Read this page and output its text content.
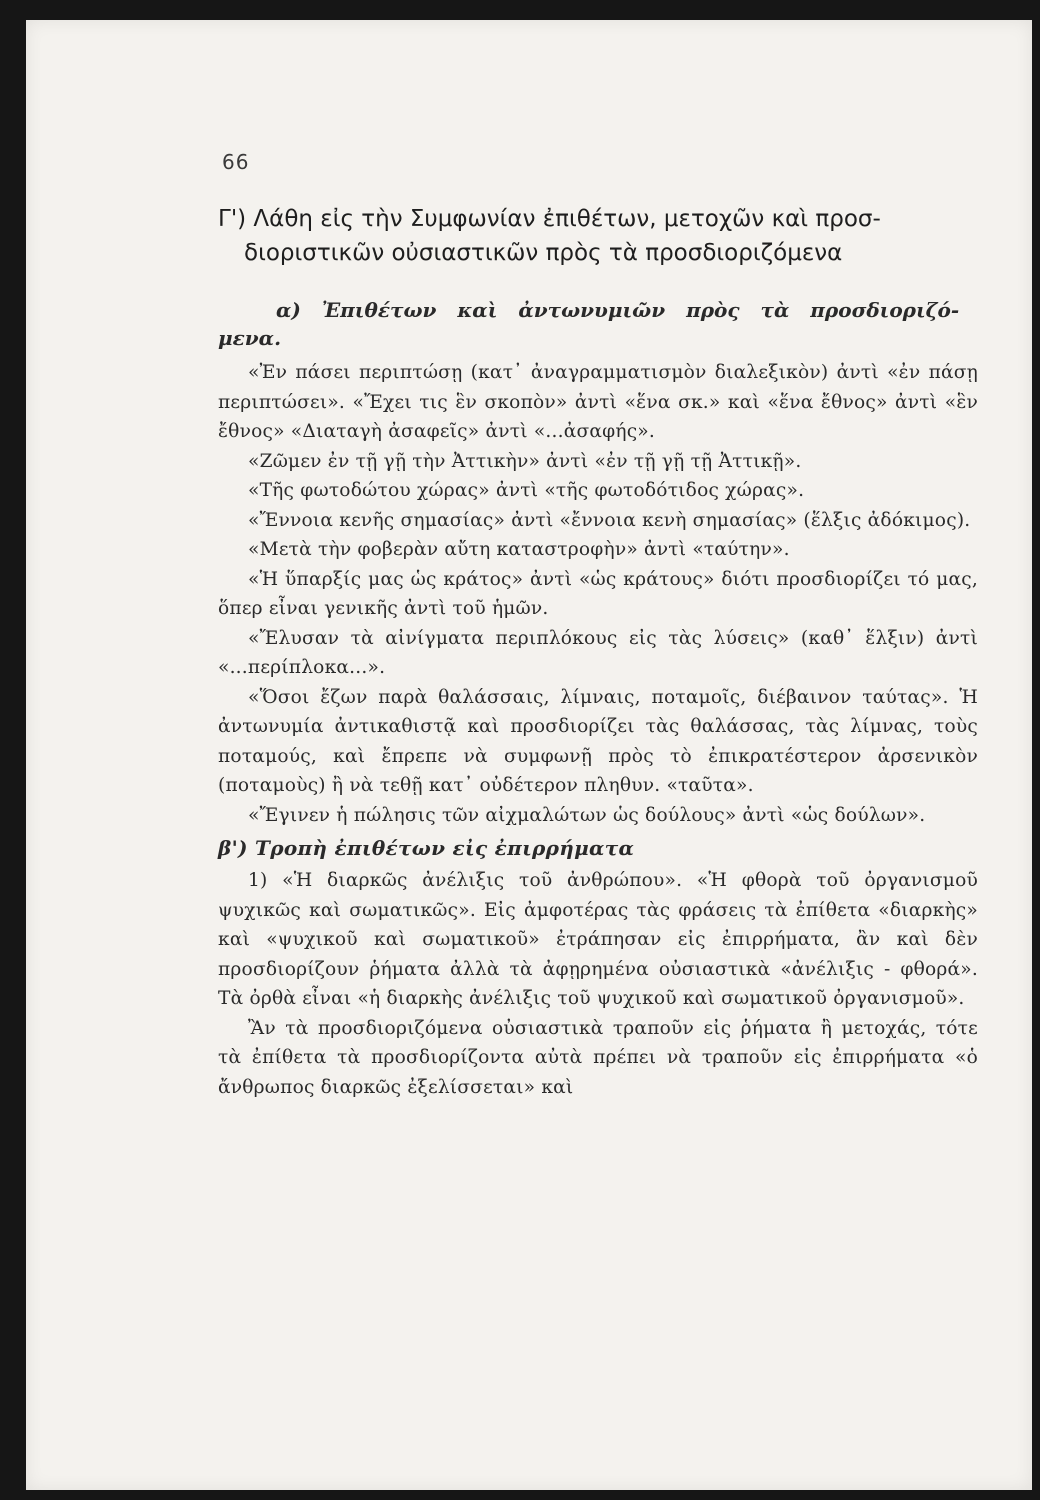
66
Γ') Λάθη εἰς τὴν Συμφωνίαν ἐπιθέτων, μετοχῶν καὶ προσ-
διοριστικῶν οὐσιαστικῶν πρὸς τὰ προσδιοριζόμενα
α) Ἐπιθέτων καὶ ἀντωνυμιῶν πρὸς τὰ προσδιοριζό-
μενα.

«Ἐν πάσει περιπτώσῃ (κατ᾽ ἀναγραμματισμὸν διαλεξικὸν) ἀντὶ «ἐν πάσῃ περιπτώσει». «Ἔχει τις ἓν σκοπὸν» ἀντὶ «ἕνα σκ.» καὶ «ἕνα ἔθνος» ἀντὶ «ἓν ἔθνος» «Διαταγὴ ἀσαφεῖς» ἀντὶ «...ἀσαφής».

«Ζῶμεν ἐν τῇ γῇ τὴν Ἀττικὴν» ἀντὶ «ἐν τῇ γῇ τῇ Ἀττικῇ».

«Τῆς φωτοδώτου χώρας» ἀντὶ «τῆς φωτοδότιδος χώρας».

«Ἔννοια κενῆς σημασίας» ἀντὶ «ἔννοια κενὴ σημασίας» (ἕλξις ἀδόκιμος).

«Μετὰ τὴν φοβερὰν αὔτη καταστροφὴν» ἀντὶ «ταύτην».

«Ἡ ὕπαρξίς μας ὡς κράτος» ἀντὶ «ὡς κράτους» διότι προσδιορίζει τό μας, ὅπερ εἶναι γενικῆς ἀντὶ τοῦ ἡμῶν.

«Ἔλυσαν τὰ αἰνίγματα περιπλόκους εἰς τὰς λύσεις» (καθ᾽ ἕλξιν) ἀντὶ «...περίπλοκα...».

«Ὅσοι ἔζων παρὰ θαλάσσαις, λίμναις, ποταμοῖς, διέβαινον ταύτας». Ἡ ἀντωνυμία ἀντικαθιστᾷ καὶ προσδιορίζει τὰς θαλάσσας, τὰς λίμνας, τοὺς ποταμούς, καὶ ἔπρεπε νὰ συμφωνῇ πρὸς τὸ ἐπικρατέστερον ἀρσενικὸν (ποταμοὺς) ἢ νὰ τεθῇ κατ᾽ οὐδέτερον πληθυν. «ταῦτα».

«Ἔγινεν ἡ πώλησις τῶν αἰχμαλώτων ὡς δούλους» ἀντὶ «ὡς δούλων».

β') Τροπὴ ἐπιθέτων εἰς ἐπιρρήματα

1) «Ἡ διαρκῶς ἀνέλιξις τοῦ ἀνθρώπου». «Ἡ φθορὰ τοῦ ὀργανισμοῦ ψυχικῶς καὶ σωματικῶς». Εἰς ἀμφοτέρας τὰς φράσεις τὰ ἐπίθετα «διαρκὴς» καὶ «ψυχικοῦ καὶ σωματικοῦ» ἐτράπησαν εἰς ἐπιρρήματα, ἂν καὶ δὲν προσδιορίζουν ῥήματα ἀλλὰ τὰ ἀφῃρημένα οὐσιαστικὰ «ἀνέλιξις - φθορά». Τὰ ὀρθὰ εἶναι «ἡ διαρκὴς ἀνέλιξις τοῦ ψυχικοῦ καὶ σωματικοῦ ὀργανισμοῦ».

Ἂν τὰ προσδιοριζόμενα οὐσιαστικὰ τραποῦν εἰς ῥήματα ἢ μετοχάς, τότε τὰ ἐπίθετα τὰ προσδιορίζοντα αὐτὰ πρέπει νὰ τραποῦν εἰς ἐπιρρήματα «ὁ ἄνθρωπος διαρκῶς ἐξελίσσεται» καὶ
